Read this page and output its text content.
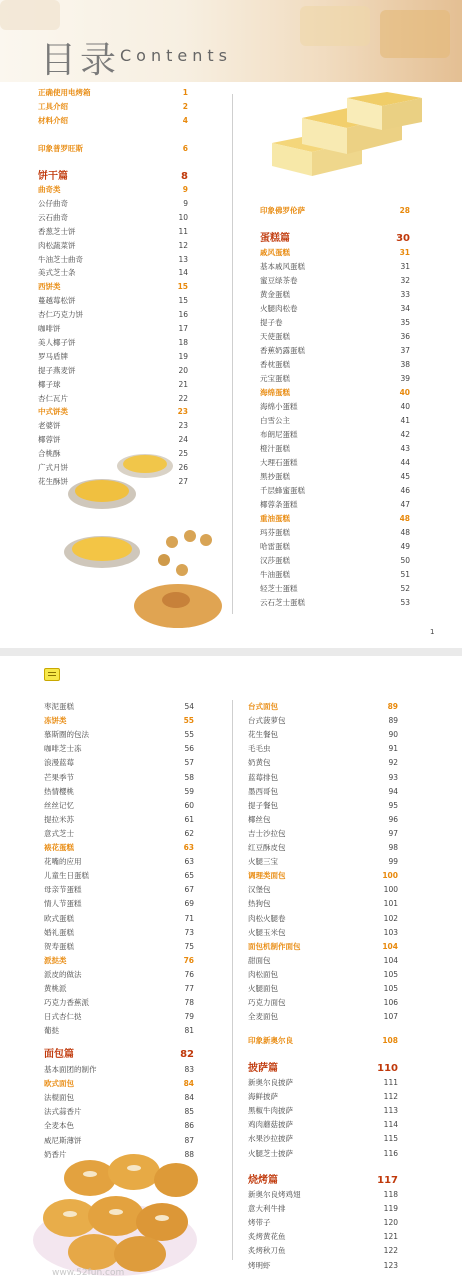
目录 Contents
正确使用电烤箱	1
工具介绍	2
材料介绍	4
印象普罗旺斯	6
饼干篇	8
曲奇类	9
公仔曲奇	9
云石曲奇	10
香葱芝士饼	11
肉松蔬菜饼	12
牛油芝士曲奇	13
美式芝士条	14
西饼类	15
蔓越莓松饼	15
杏仁巧克力饼	16
咖啡饼	17
美人椰子饼	18
罗马盾牌	19
提子燕麦饼	20
椰子球	21
杏仁瓦片	22
中式饼类	23
老婆饼	23
椰蓉饼	24
合桃酥	25
广式月饼	26
花生酥饼	27
印象佛罗伦萨	28
蛋糕篇	30
戚风蛋糕	31
基本戚风蛋糕	31
蜜豆绿茶卷	32
黄金蛋糕	33
火腿肉松卷	34
提子卷	35
天使蛋糕	36
香蕉奶露蛋糕	37
香枕蛋糕	38
元宝蛋糕	39
海绵蛋糕	40
海绵小蛋糕	40
白雪公主	41
布朗尼蛋糕	42
橙汁蛋糕	43
大理石蛋糕	44
黑抄蛋糕	45
千层蜂蜜蛋糕	46
椰蓉条蛋糕	47
重油蛋糕	48
玛芬蛋糕	48
哈雷蛋糕	49
汉莎蛋糕	50
牛油蛋糕	51
轻芝士蛋糕	52
云石芝士蛋糕	53
1
枣泥蛋糕	54
冻饼类	55
慕斯圈的包法	55
咖啡芝士冻	56
浪漫蓝莓	57
芒果季节	58
热情樱桃	59
丝丝记忆	60
提拉米苏	61
意式芝士	62
裱花蛋糕	63
花嘴的应用	63
儿童生日蛋糕	65
母亲节蛋糕	67
情人节蛋糕	69
欧式蛋糕	71
婚礼蛋糕	73
贺寿蛋糕	75
派挞类	76
派皮的做法	76
黄桃派	77
巧克力香蕉派	78
日式杏仁挞	79
葡挞	81
面包篇	82
基本面团的制作	83
欧式面包	84
法棍面包	84
法式蒜香片	85
全麦本色	86
威尼斯薄饼	87
奶香片	88
台式面包	89
台式菠萝包	89
花生餐包	90
毛毛虫	91
奶黄包	92
蓝莓排包	93
墨西哥包	94
提子餐包	95
椰丝包	96
吉士沙拉包	97
红豆酥皮包	98
火腿三宝	99
调理类面包	100
汉堡包	100
热狗包	101
肉松火腿卷	102
火腿玉米包	103
面包机制作面包	104
甜面包	104
肉松面包	105
火腿面包	105
巧克力面包	106
全麦面包	107
印象新奥尔良	108
披萨篇	110
新奥尔良披萨	111
海鲜披萨	112
黑椒牛肉披萨	113
鸡肉蘑菇披萨	114
水果沙拉披萨	115
火腿芝士披萨	116
烧烤篇	117
新奥尔良烤鸡翅	118
意大利牛排	119
烤带子	120
炙烤黄花鱼	121
炙烤秋刀鱼	122
烤明虾	123
www.52fun.com
